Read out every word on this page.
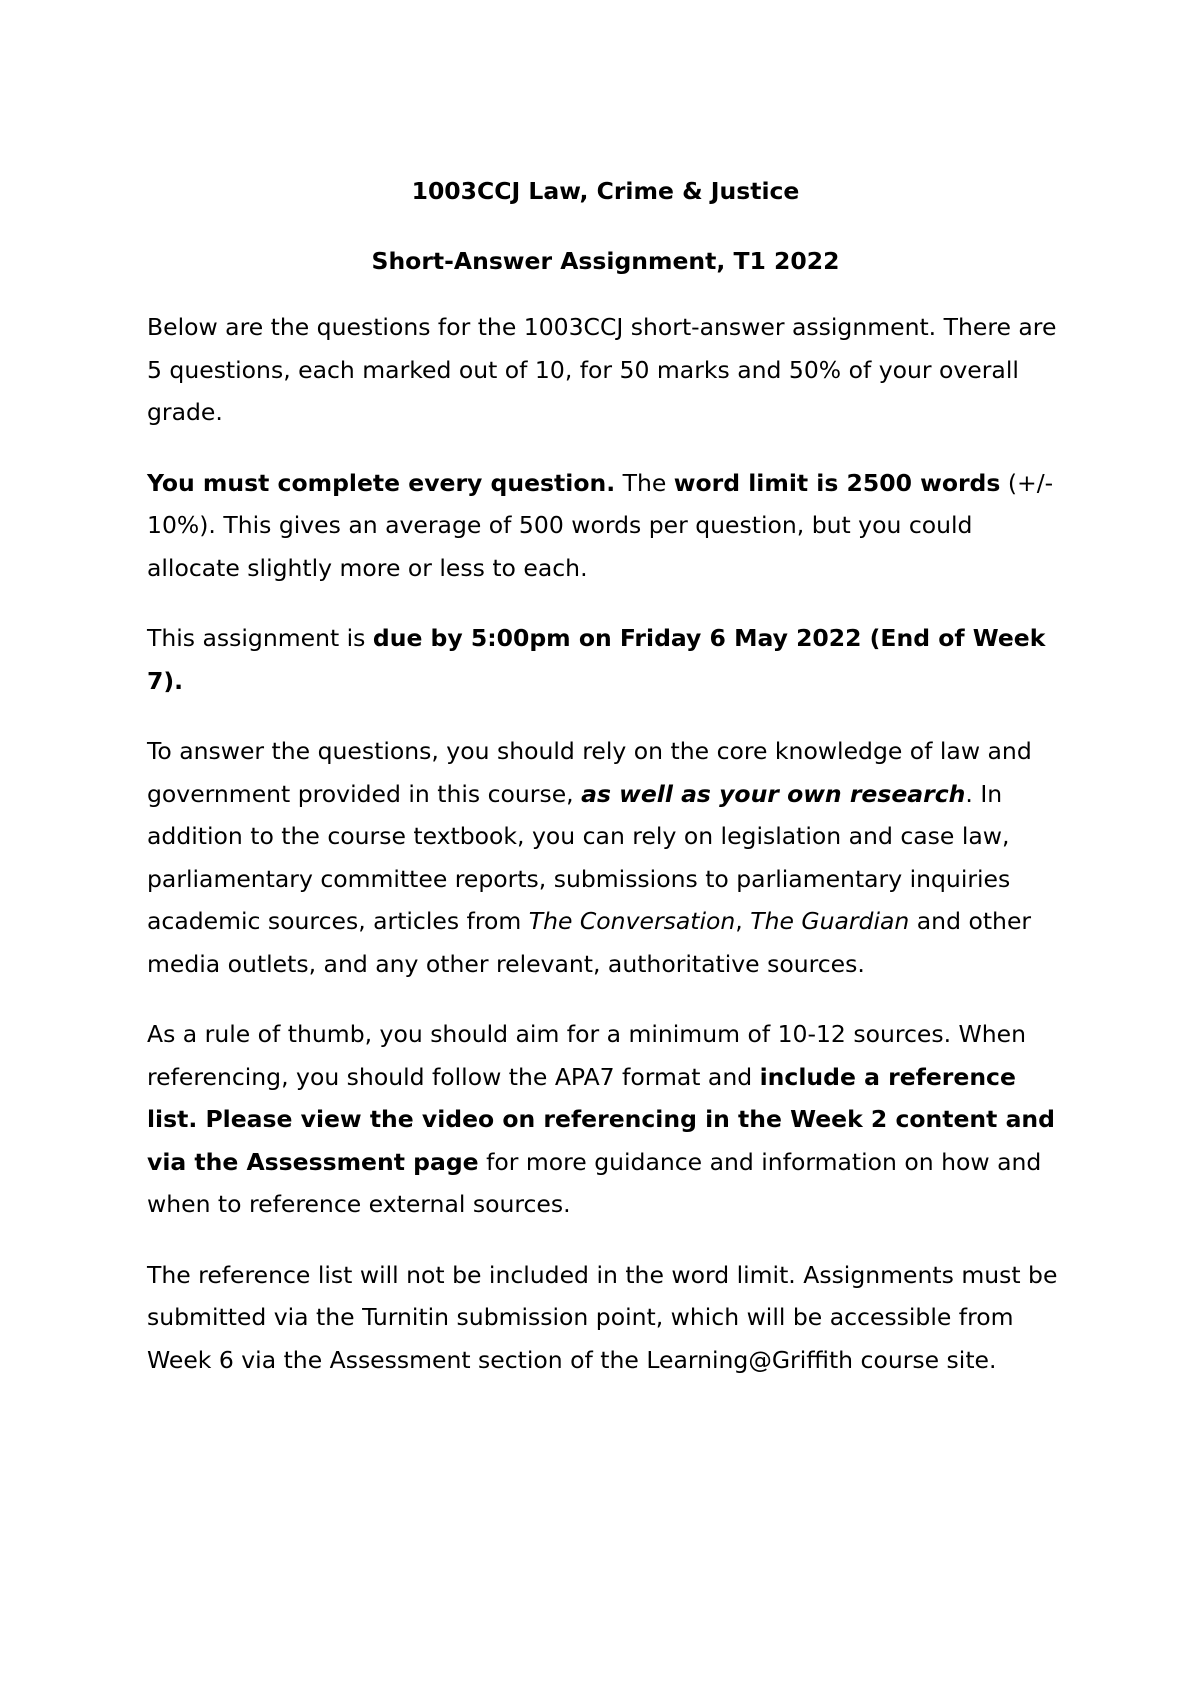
1003CCJ Law, Crime & Justice
Short-Answer Assignment, T1 2022

Below are the questions for the 1003CCJ short-answer assignment. There are 5 questions, each marked out of 10, for 50 marks and 50% of your overall grade.

You must complete every question. The word limit is 2500 words (+/- 10%). This gives an average of 500 words per question, but you could allocate slightly more or less to each.

This assignment is due by 5:00pm on Friday 6 May 2022 (End of Week 7).

To answer the questions, you should rely on the core knowledge of law and government provided in this course, as well as your own research. In addition to the course textbook, you can rely on legislation and case law, parliamentary committee reports, submissions to parliamentary inquiries academic sources, articles from The Conversation, The Guardian and other media outlets, and any other relevant, authoritative sources.

As a rule of thumb, you should aim for a minimum of 10-12 sources. When referencing, you should follow the APA7 format and include a reference list. Please view the video on referencing in the Week 2 content and via the Assessment page for more guidance and information on how and when to reference external sources.

The reference list will not be included in the word limit. Assignments must be submitted via the Turnitin submission point, which will be accessible from Week 6 via the Assessment section of the Learning@Griffith course site.
